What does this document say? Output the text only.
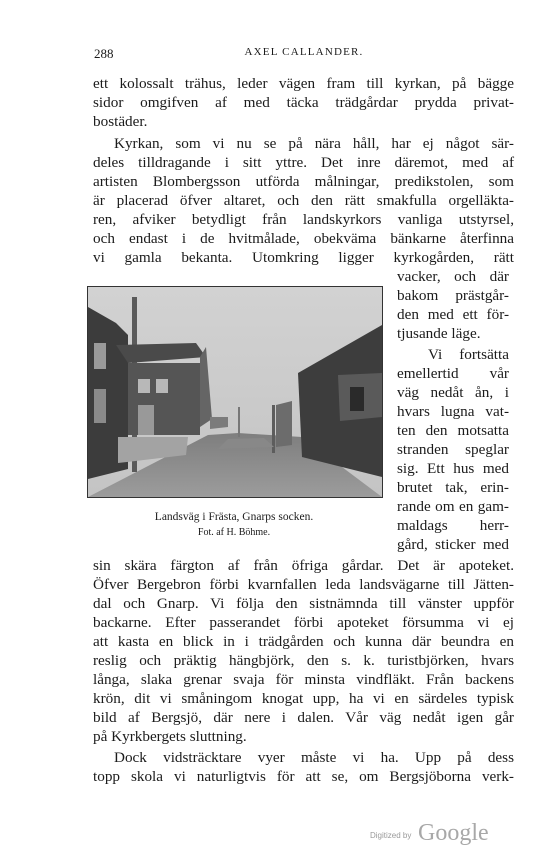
288	AXEL CALLANDER.
ett kolossalt trähus, leder vägen fram till kyrkan, på bägge
sidor omgifven af med täcka trädgårdar prydda privat-
bostäder.
Kyrkan, som vi nu se på nära håll, har ej något sär-
deles tilldragande i sitt yttre. Det inre däremot, med af
artisten Blombergsson utförda målningar, predikstolen, som
är placerad öfver altaret, och den rätt smakfulla orgelläkta-
ren, afviker betydligt från landskyrkors vanliga utstyrsel,
och endast i de hvitmålade, obekväma bänkarne återfinna
vi gamla bekanta. Utomkring ligger kyrkogården, rätt
vacker, och där
bakom prästgår-
den med ett för-
tjusande läge.
Vi fortsätta
emellertid vår
väg nedåt ån, i
hvars lugna vat-
ten den motsatta
stranden speglar
sig. Ett hus med
brutet tak, erin-
rande om en gam-
maldags herr-
gård, sticker med
sin skära färgton af från öfriga gårdar. Det är apoteket.
Öfver Bergebron förbi kvarnfallen leda landsvägarne till Jätten-
dal och Gnarp. Vi följa den sistnämnda till vänster uppför
backarne. Efter passerandet förbi apoteket försumma vi ej
att kasta en blick in i trädgården och kunna där beundra en
reslig och präktig hängbjörk, den s. k. turistbjörken, hvars
långa, slaka grenar svaja för minsta vindfläkt. Från backens
krön, dit vi småningom knogat upp, ha vi en särdeles typisk
bild af Bergsjö, där nere i dalen. Vår väg nedåt igen går
på Kyrkbergets sluttning.
Dock vidsträcktare vyer måste vi ha. Upp på dess
topp skola vi naturligtvis för att se, om Bergsjöborna verk-
Landsväg i Frästa, Gnarps socken.
Fot. af H. Böhme.
Digitized by Google
